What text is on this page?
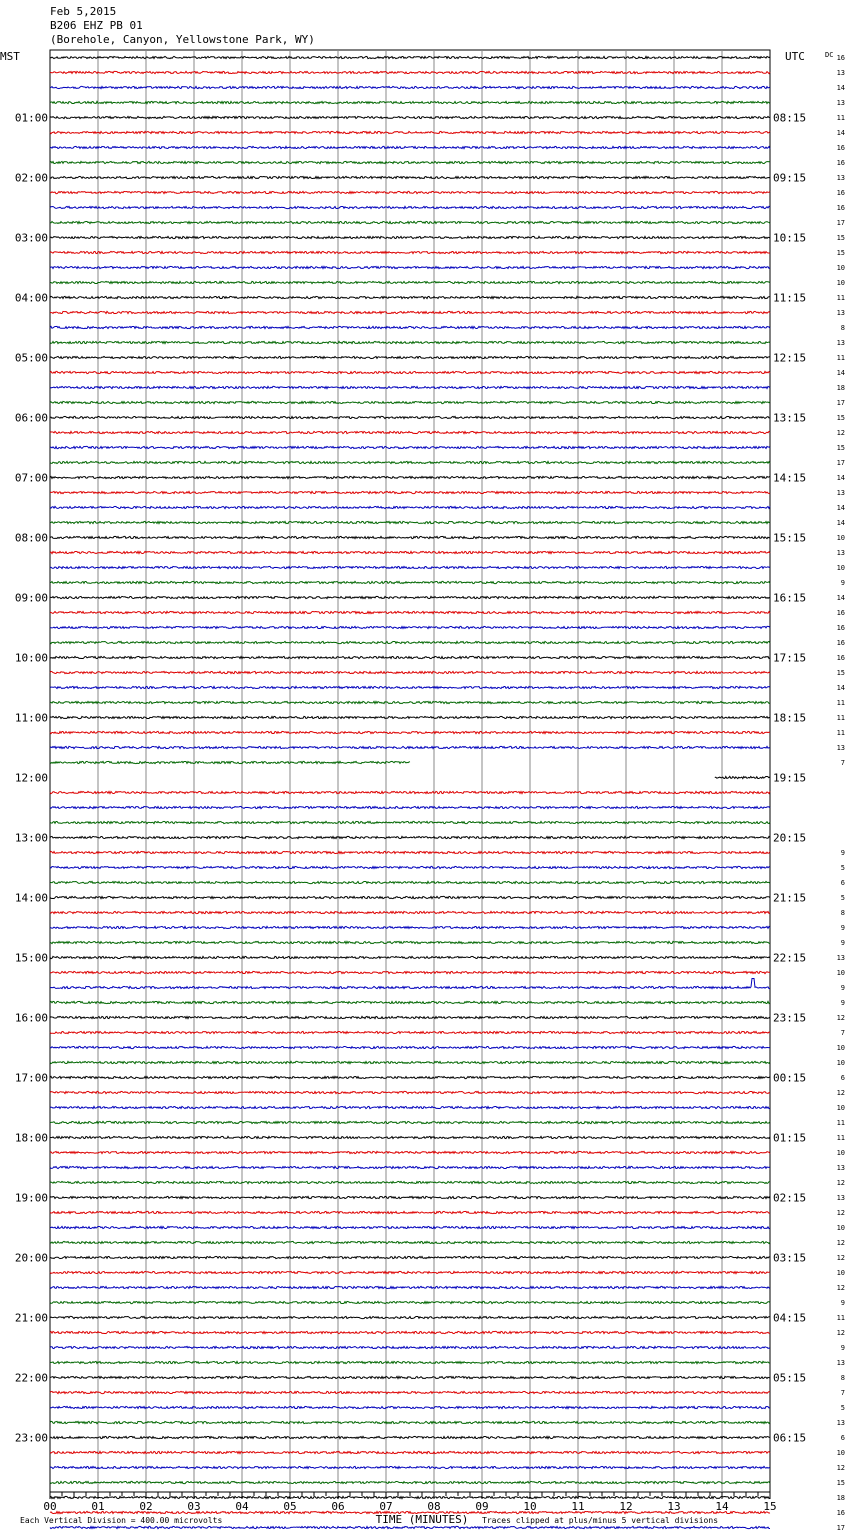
Feb 5,2015
B206 EHZ PB 01
(Borehole, Canyon, Yellowstone Park, WY)
MST	UTC	DC
01:00
02:00
03:00
04:00
05:00
06:00
07:00
08:00
09:00
10:00
11:00
12:00
13:00
14:00
15:00
16:00
17:00
18:00
19:00
20:00
21:00
22:00
23:00
08:15
09:15
10:15
11:15
12:15
13:15
14:15
15:15
16:15
17:15
18:15
19:15
20:15
21:15
22:15
23:15
00:15
01:15
02:15
03:15
04:15
05:15
06:15
16
13
14
13
11
14
16
16
13
16
16
17
15
15
10
10
11
13
8
13
11
14
18
17
15
12
15
17
14
13
14
14
10
13
10
9
14
16
16
16
16
15
14
11
11
11
13
7
9
5
6
5
8
9
9
13
10
9
9
12
7
10
10
6
12
10
11
11
10
13
12
13
12
10
12
12
10
12
9
11
12
9
13
8
7
5
13
6
10
12
15
18
16
17
00	01	02	03	04	05	06	07	08	09	10	11	12	13	14	15
TIME (MINUTES)
Each Vertical Division = 400.00 microvolts	Traces clipped at plus/minus 5 vertical divisions
